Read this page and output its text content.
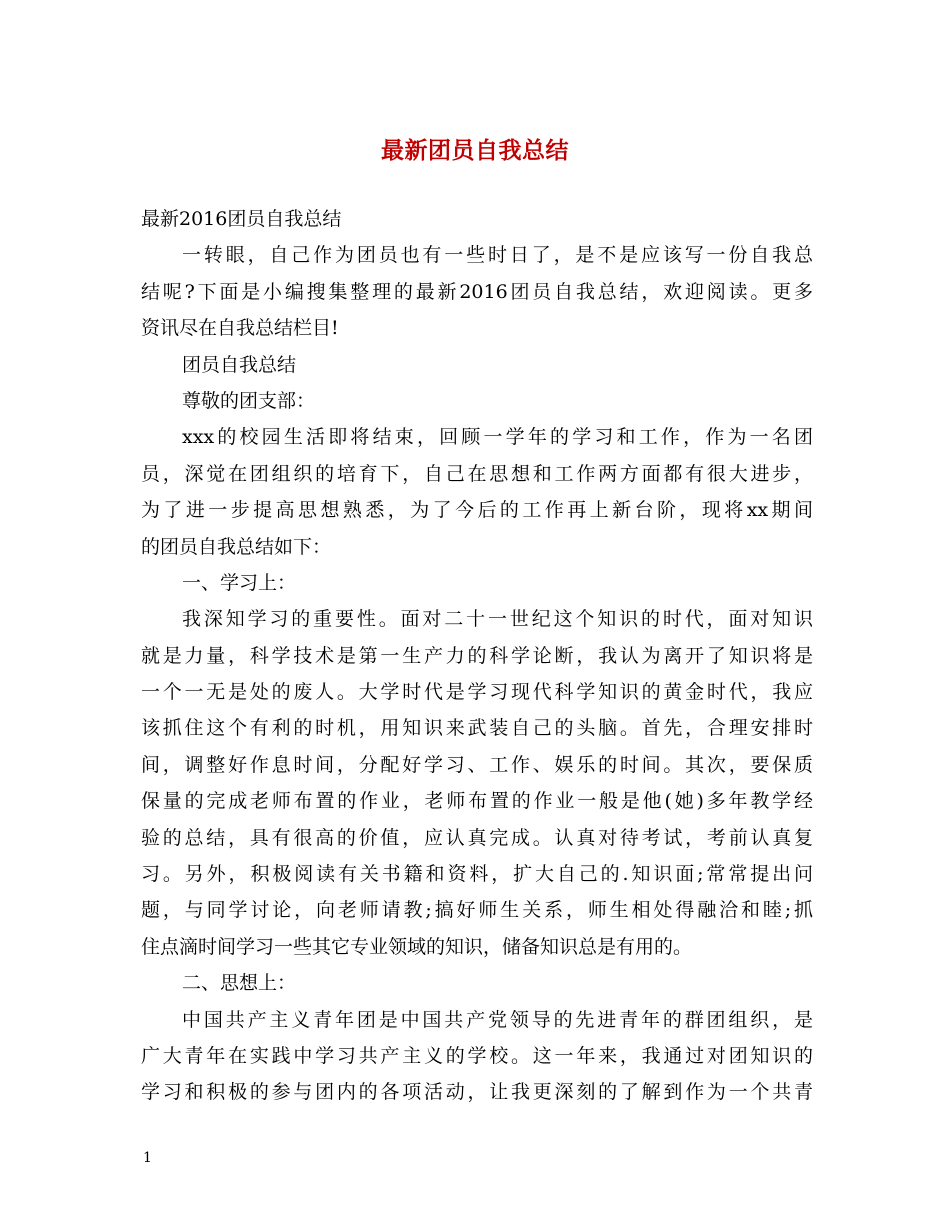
最新团员自我总结
最新2016团员自我总结
一转眼，自己作为团员也有一些时日了，是不是应该写一份自我总
结呢?下面是小编搜集整理的最新2016团员自我总结，欢迎阅读。更多
资讯尽在自我总结栏目!
团员自我总结
尊敬的团支部：
xxx的校园生活即将结束，回顾一学年的学习和工作，作为一名团
员，深觉在团组织的培育下，自己在思想和工作两方面都有很大进步，
为了进一步提高思想熟悉，为了今后的工作再上新台阶，现将xx期间
的团员自我总结如下：
一、学习上：
我深知学习的重要性。面对二十一世纪这个知识的时代，面对知识
就是力量，科学技术是第一生产力的科学论断，我认为离开了知识将是
一个一无是处的废人。大学时代是学习现代科学知识的黄金时代，我应
该抓住这个有利的时机，用知识来武装自己的头脑。首先，合理安排时
间，调整好作息时间，分配好学习、工作、娱乐的时间。其次，要保质
保量的完成老师布置的作业，老师布置的作业一般是他(她)多年教学经
验的总结，具有很高的价值，应认真完成。认真对待考试，考前认真复
习。另外，积极阅读有关书籍和资料，扩大自己的.知识面;常常提出问
题，与同学讨论，向老师请教;搞好师生关系，师生相处得融洽和睦;抓
住点滴时间学习一些其它专业领域的知识，储备知识总是有用的。
二、思想上：
中国共产主义青年团是中国共产党领导的先进青年的群团组织，是
广大青年在实践中学习共产主义的学校。这一年来，我通过对团知识的
学习和积极的参与团内的各项活动，让我更深刻的了解到作为一个共青
1
